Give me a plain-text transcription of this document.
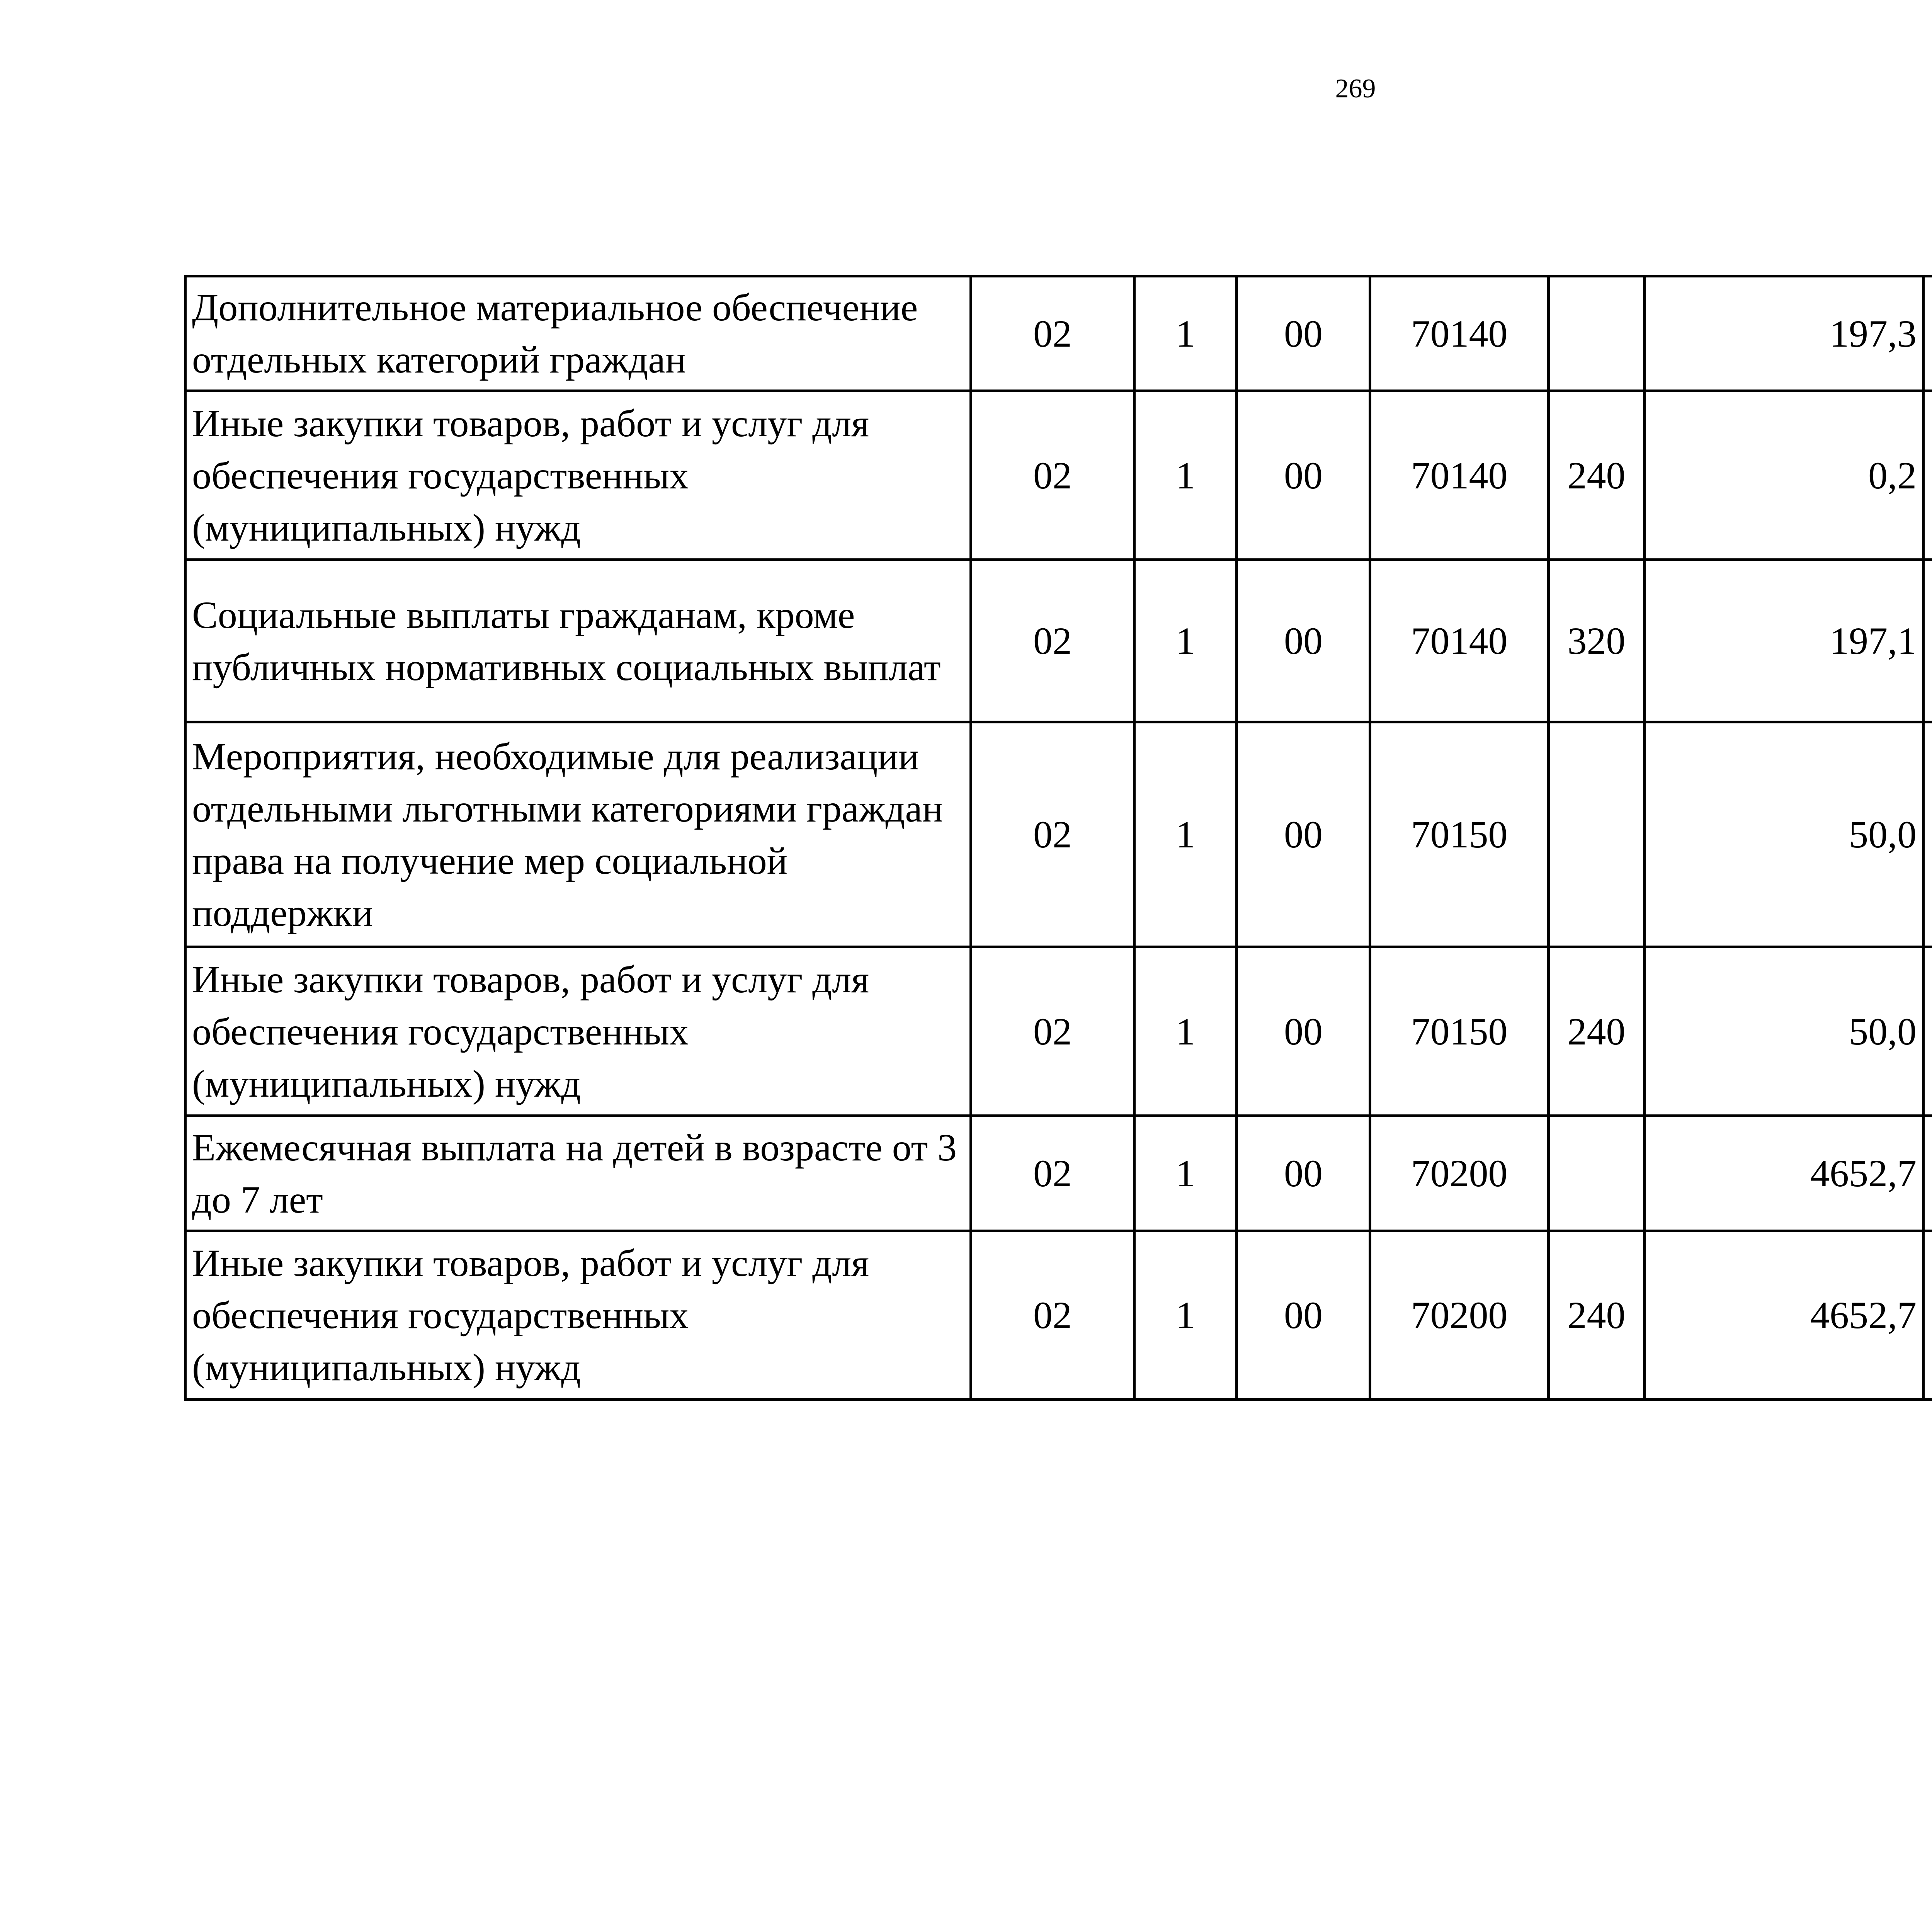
269
Дополнительное материальное обеспечение отдельных категорий граждан	02	1	00	70140		197,3		
Иные закупки товаров, работ и услуг для обеспечения государственных (муниципальных) нужд	02	1	00	70140	240	0,2		
Социальные выплаты гражданам, кроме публичных нормативных социальных выплат	02	1	00	70140	320	197,1		
Мероприятия, необходимые для реализации отдельными льготными категориями граждан права на получение мер социальной поддержки	02	1	00	70150		50,0		
Иные закупки товаров, работ и услуг для обеспечения государственных (муниципальных) нужд	02	1	00	70150	240	50,0		
Ежемесячная выплата на детей в возрасте от 3 до 7 лет	02	1	00	70200		4652,7		
Иные закупки товаров, работ и услуг для обеспечения государственных (муниципальных) нужд	02	1	00	70200	240	4652,7		
